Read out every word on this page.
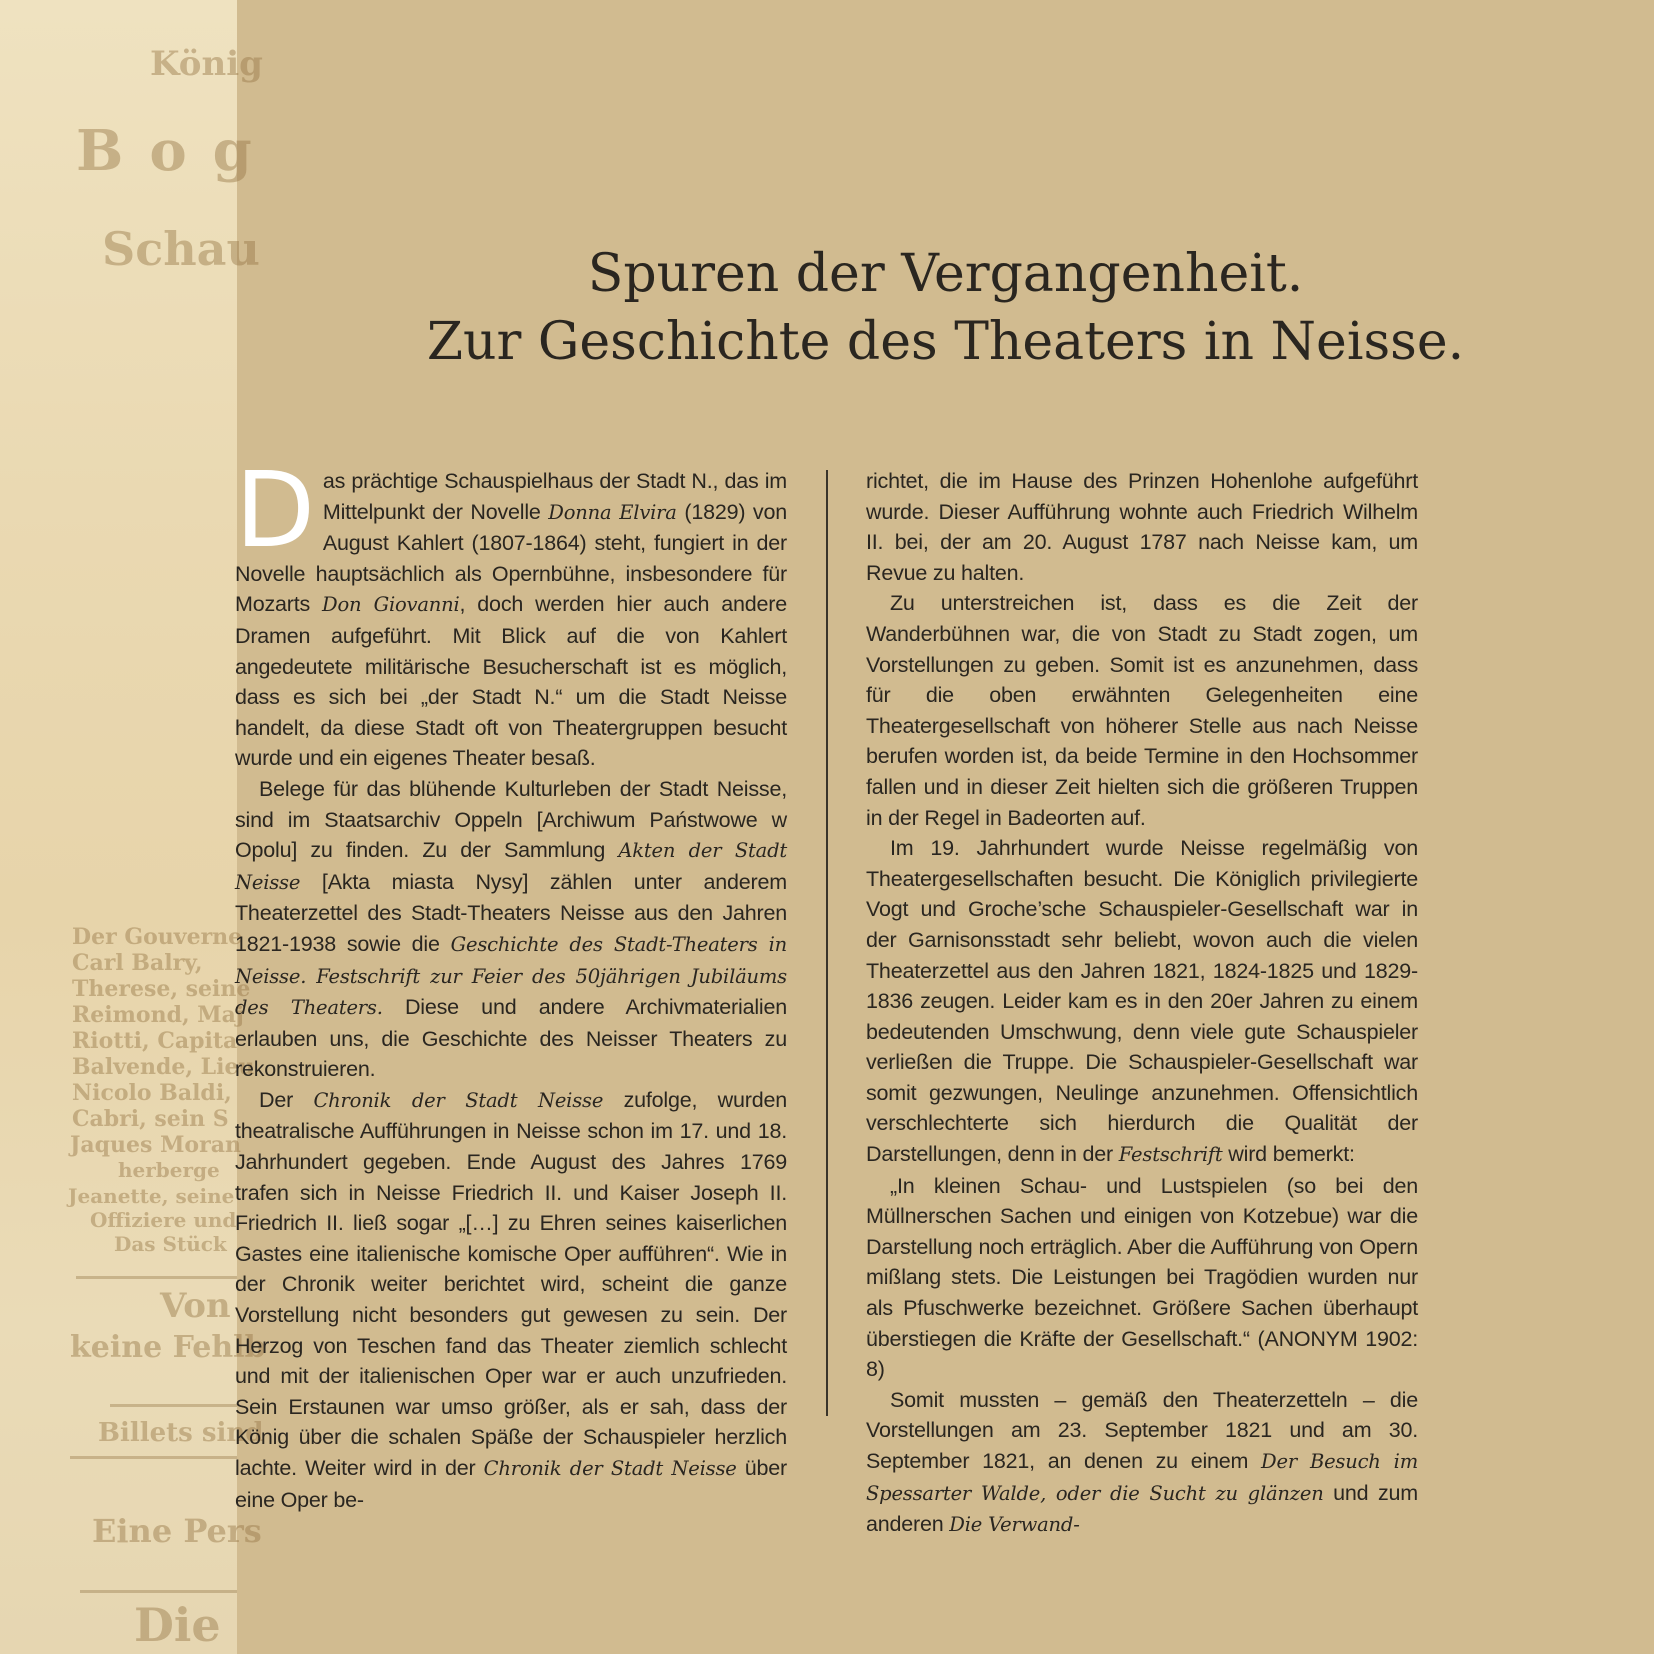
König
Bog
Schau
Der Gouverne
Carl Balry,
Therese, seine
Reimond, Maj
Riotti, Capita
Balvende, Lieu
Nicolo Baldi,
Cabri, sein S
Jaques Moran
herberge
Jeanette, seine
Offiziere und
Das Stück
Von
keine Fehlb
Billets sind
Eine Pers
Die
Spuren der Vergangenheit.
Zur Geschichte des Theaters in Neisse.

Das prächtige Schauspielhaus der Stadt N., das im Mittelpunkt der Novelle Donna Elvira (1829) von August Kahlert (1807-1864) steht, fungiert in der Novelle hauptsächlich als Opernbühne, insbesondere für Mozarts Don Giovanni, doch werden hier auch andere Dramen aufgeführt. Mit Blick auf die von Kahlert angedeutete militärische Besucherschaft ist es möglich, dass es sich bei „der Stadt N.“ um die Stadt Neisse handelt, da diese Stadt oft von Theatergruppen besucht wurde und ein eigenes Theater besaß.

Belege für das blühende Kulturleben der Stadt Neisse, sind im Staatsarchiv Oppeln [Archiwum Państwowe w Opolu] zu finden. Zu der Sammlung Akten der Stadt Neisse [Akta miasta Nysy] zählen unter anderem Theaterzettel des Stadt-Theaters Neisse aus den Jahren 1821-1938 sowie die Geschichte des Stadt-Theaters in Neisse. Festschrift zur Feier des 50jährigen Jubiläums des Theaters. Diese und andere Archivmaterialien erlauben uns, die Geschichte des Neisser Theaters zu rekonstruieren.

Der Chronik der Stadt Neisse zufolge, wurden theatralische Aufführungen in Neisse schon im 17. und 18. Jahrhundert gegeben. Ende August des Jahres 1769 trafen sich in Neisse Friedrich II. und Kaiser Joseph II. Friedrich II. ließ sogar „[…] zu Ehren seines kaiserlichen Gastes eine italienische komische Oper aufführen“. Wie in der Chronik weiter berichtet wird, scheint die ganze Vorstellung nicht besonders gut gewesen zu sein. Der Herzog von Teschen fand das Theater ziemlich schlecht und mit der italienischen Oper war er auch unzufrieden. Sein Erstaunen war umso größer, als er sah, dass der König über die schalen Späße der Schauspieler herzlich lachte. Weiter wird in der Chronik der Stadt Neisse über eine Oper be-

richtet, die im Hause des Prinzen Hohenlohe aufgeführt wurde. Dieser Aufführung wohnte auch Friedrich Wilhelm II. bei, der am 20. August 1787 nach Neisse kam, um Revue zu halten.

Zu unterstreichen ist, dass es die Zeit der Wanderbühnen war, die von Stadt zu Stadt zogen, um Vorstellungen zu geben. Somit ist es anzunehmen, dass für die oben erwähnten Gelegenheiten eine Theatergesellschaft von höherer Stelle aus nach Neisse berufen worden ist, da beide Termine in den Hochsommer fallen und in dieser Zeit hielten sich die größeren Truppen in der Regel in Badeorten auf.

Im 19. Jahrhundert wurde Neisse regelmäßig von Theatergesellschaften besucht. Die Königlich privilegierte Vogt und Groche’sche Schauspieler-Gesellschaft war in der Garnisonsstadt sehr beliebt, wovon auch die vielen Theaterzettel aus den Jahren 1821, 1824-1825 und 1829-1836 zeugen. Leider kam es in den 20er Jahren zu einem bedeutenden Umschwung, denn viele gute Schauspieler verließen die Truppe. Die Schauspieler-Gesellschaft war somit gezwungen, Neulinge anzunehmen. Offensichtlich verschlechterte sich hierdurch die Qualität der Darstellungen, denn in der Festschrift wird bemerkt:

„In kleinen Schau- und Lustspielen (so bei den Müllnerschen Sachen und einigen von Kotzebue) war die Darstellung noch erträglich. Aber die Aufführung von Opern mißlang stets. Die Leistungen bei Tragödien wurden nur als Pfuschwerke bezeichnet. Größere Sachen überhaupt überstiegen die Kräfte der Gesellschaft.“ (ANONYM 1902: 8)

Somit mussten – gemäß den Theaterzetteln – die Vorstellungen am 23. September 1821 und am 30. September 1821, an denen zu einem Der Besuch im Spessarter Walde, oder die Sucht zu glänzen und zum anderen Die Verwand-
